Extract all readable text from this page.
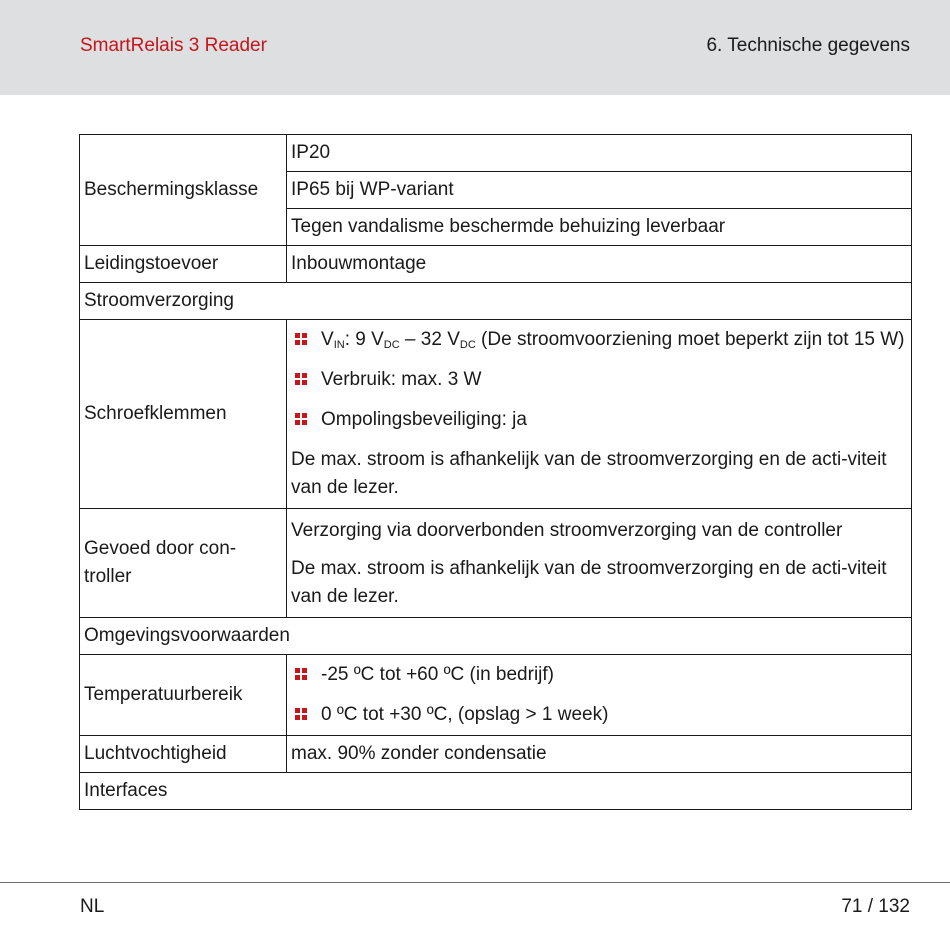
SmartRelais 3 Reader	6. Technische gegevens
Beschermingsklasse	IP20
	IP65 bij WP-variant
	Tegen vandalisme beschermde behuizing leverbaar
Leidingstoevoer	Inbouwmontage
Stroomverzorging	
Schroefklemmen	$V_{IN}$: 9 $V_{DC} - 32$ $V_{DC}$ (De stroomvoorziening moet beperkt zijn tot 15 W)
Verbruik: max. 3 W
Ompolingsbeveiliging: ja
De max. stroom is afhankelijk van de stroomverzorging en de acti-viteit van de lezer.

Gevoed door con-troller	Verzorging via doorverbonden stroomverzorging van de controller
De max. stroom is afhankelijk van de stroomverzorging en de acti-viteit van de lezer.

Omgevingsvoorwaarden	
Temperatuurbereik	-25 ºC tot +60 ºC (in bedrijf)
0 ºC tot +30 ºC, (opslag > 1 week)

Luchtvochtigheid	max. 90% zonder condensatie
Interfaces	
NL	71 / 132
